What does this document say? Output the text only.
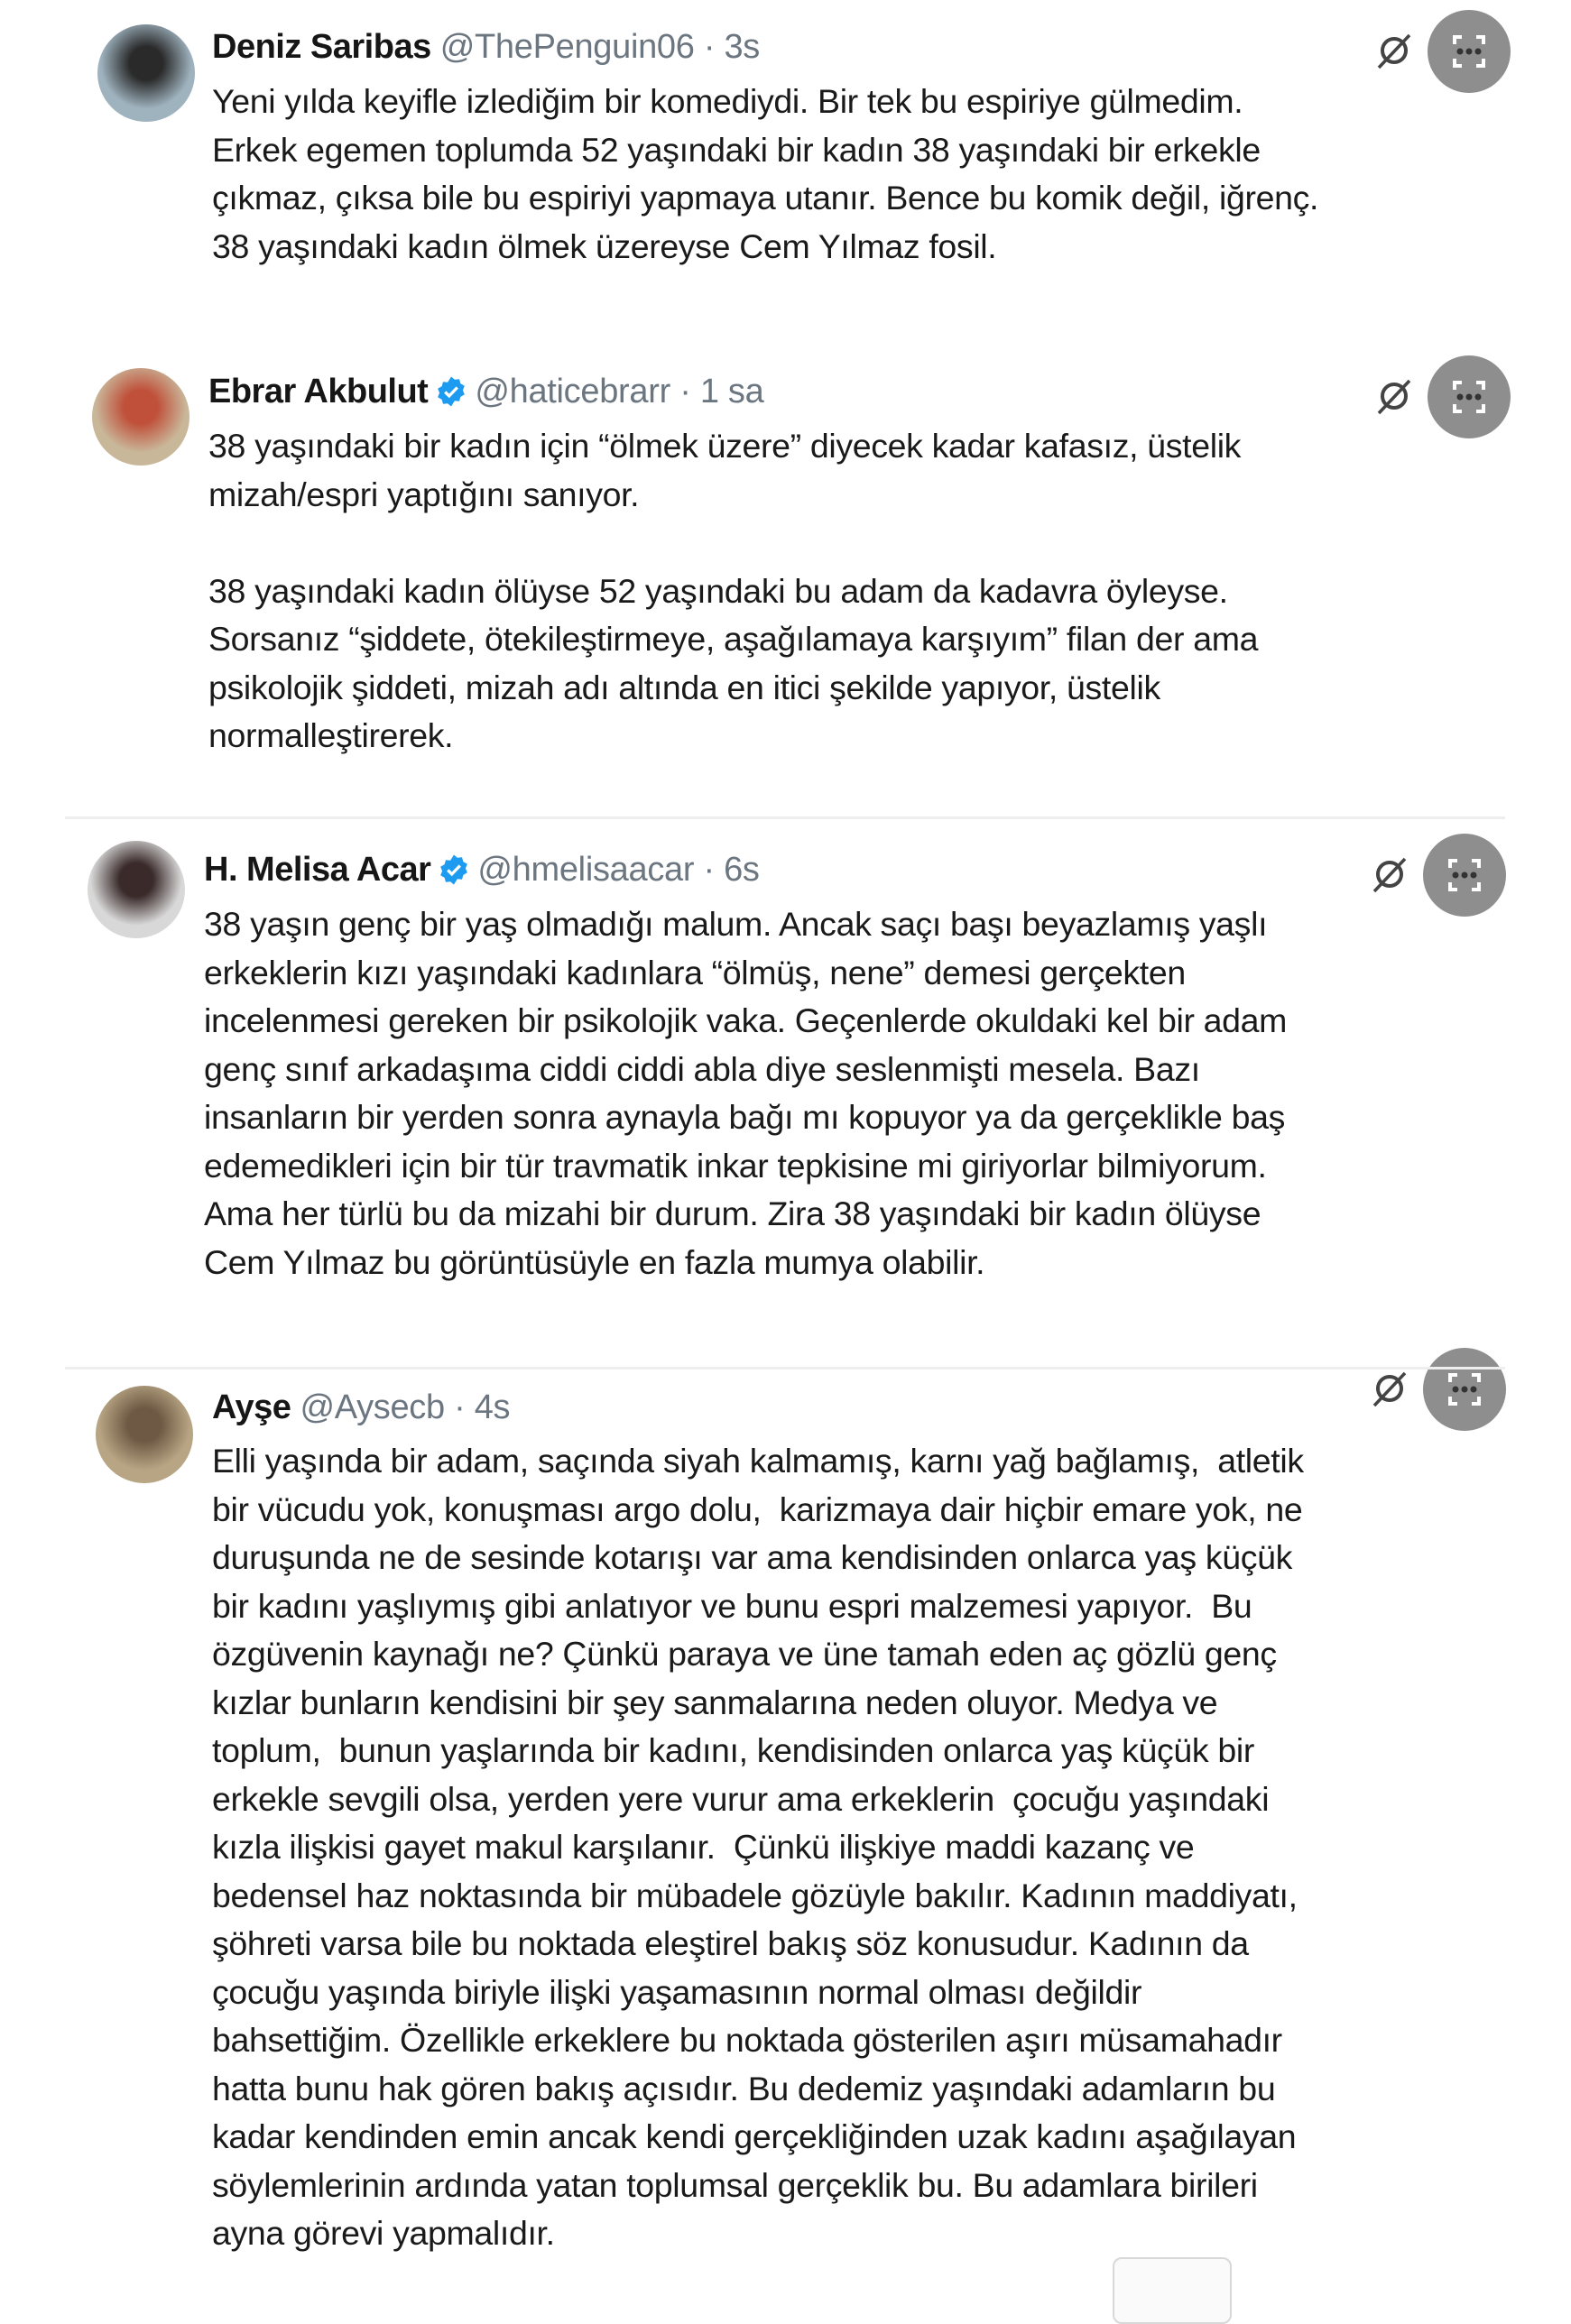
Deniz Saribas @ThePenguin06 · 3s
Yeni yılda keyifle izlediğim bir komediydi. Bir tek bu espiriye gülmedim.
Erkek egemen toplumda 52 yaşındaki bir kadın 38 yaşındaki bir erkekle
çıkmaz, çıksa bile bu espiriyi yapmaya utanır. Bence bu komik değil, iğrenç.
38 yaşındaki kadın ölmek üzereyse Cem Yılmaz fosil.
Ebrar Akbulut @haticebrarr · 1 sa
38 yaşındaki bir kadın için “ölmek üzere” diyecek kadar kafasız, üstelik
mizah/espri yaptığını sanıyor.
38 yaşındaki kadın ölüyse 52 yaşındaki bu adam da kadavra öyleyse.
Sorsanız “şiddete, ötekileştirmeye, aşağılamaya karşıyım” filan der ama
psikolojik şiddeti, mizah adı altında en itici şekilde yapıyor, üstelik
normalleştirerek.
H. Melisa Acar @hmelisaacar · 6s
38 yaşın genç bir yaş olmadığı malum. Ancak saçı başı beyazlamış yaşlı
erkeklerin kızı yaşındaki kadınlara “ölmüş, nene” demesi gerçekten
incelenmesi gereken bir psikolojik vaka. Geçenlerde okuldaki kel bir adam
genç sınıf arkadaşıma ciddi ciddi abla diye seslenmişti mesela. Bazı
insanların bir yerden sonra aynayla bağı mı kopuyor ya da gerçeklikle baş
edemedikleri için bir tür travmatik inkar tepkisine mi giriyorlar bilmiyorum.
Ama her türlü bu da mizahi bir durum. Zira 38 yaşındaki bir kadın ölüyse
Cem Yılmaz bu görüntüsüyle en fazla mumya olabilir.
Ayşe @Aysecb · 4s
Elli yaşında bir adam, saçında siyah kalmamış, karnı yağ bağlamış,  atletik
bir vücudu yok, konuşması argo dolu,  karizmaya dair hiçbir emare yok, ne
duruşunda ne de sesinde kotarışı var ama kendisinden onlarca yaş küçük
bir kadını yaşlıymış gibi anlatıyor ve bunu espri malzemesi yapıyor.  Bu
özgüvenin kaynağı ne? Çünkü paraya ve üne tamah eden aç gözlü genç
kızlar bunların kendisini bir şey sanmalarına neden oluyor. Medya ve
toplum,  bunun yaşlarında bir kadını, kendisinden onlarca yaş küçük bir
erkekle sevgili olsa, yerden yere vurur ama erkeklerin  çocuğu yaşındaki
kızla ilişkisi gayet makul karşılanır.  Çünkü ilişkiye maddi kazanç ve
bedensel haz noktasında bir mübadele gözüyle bakılır. Kadının maddiyatı,
şöhreti varsa bile bu noktada eleştirel bakış söz konusudur. Kadının da
çocuğu yaşında biriyle ilişki yaşamasının normal olması değildir
bahsettiğim. Özellikle erkeklere bu noktada gösterilen aşırı müsamahadır
hatta bunu hak gören bakış açısıdır. Bu dedemiz yaşındaki adamların bu
kadar kendinden emin ancak kendi gerçekliğinden uzak kadını aşağılayan
söylemlerinin ardında yatan toplumsal gerçeklik bu. Bu adamlara birileri
ayna görevi yapmalıdır.
